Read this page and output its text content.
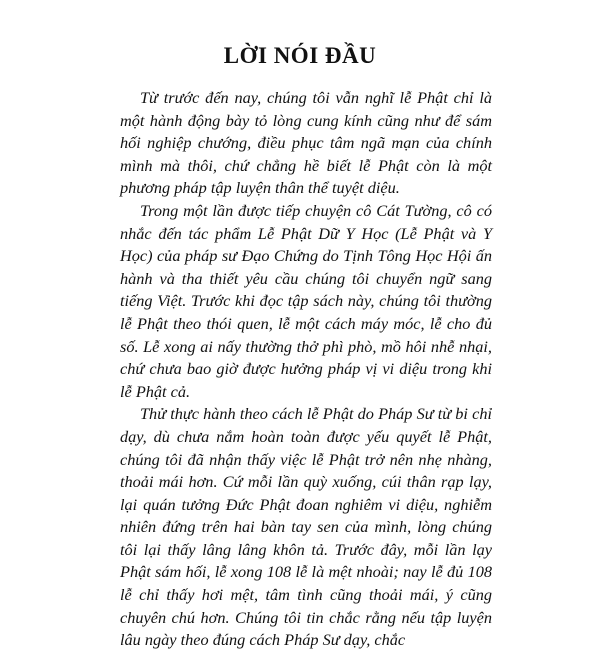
LỜI NÓI ĐẦU

Từ trước đến nay, chúng tôi vẫn nghĩ lễ Phật chỉ là một hành động bày tỏ lòng cung kính cũng như để sám hối nghiệp chướng, điều phục tâm ngã mạn của chính mình mà thôi, chứ chẳng hề biết lễ Phật còn là một phương pháp tập luyện thân thể tuyệt diệu.

Trong một lần được tiếp chuyện cô Cát Tường, cô có nhắc đến tác phẩm Lễ Phật Dữ Y Học (Lễ Phật và Y Học) của pháp sư Đạo Chứng do Tịnh Tông Học Hội ấn hành và tha thiết yêu cầu chúng tôi chuyển ngữ sang tiếng Việt. Trước khi đọc tập sách này, chúng tôi thường lễ Phật theo thói quen, lễ một cách máy móc, lễ cho đủ số. Lễ xong ai nấy thường thở phì phò, mồ hôi nhễ nhại, chứ chưa bao giờ được hưởng pháp vị vi diệu trong khi lễ Phật cả.

Thử thực hành theo cách lễ Phật do Pháp Sư từ bi chỉ dạy, dù chưa nắm hoàn toàn được yếu quyết lễ Phật, chúng tôi đã nhận thấy việc lễ Phật trở nên nhẹ nhàng, thoải mái hơn. Cứ mỗi lần quỳ xuống, cúi thân rạp lạy, lại quán tưởng Đức Phật đoan nghiêm vi diệu, nghiễm nhiên đứng trên hai bàn tay sen của mình, lòng chúng tôi lại thấy lâng lâng khôn tả. Trước đây, mỗi lần lạy Phật sám hối, lễ xong 108 lễ là mệt nhoài; nay lễ đủ 108 lễ chỉ thấy hơi mệt, tâm tình cũng thoải mái, ý cũng chuyên chú hơn. Chúng tôi tin chắc rằng nếu tập luyện lâu ngày theo đúng cách Pháp Sư dạy, chắc
